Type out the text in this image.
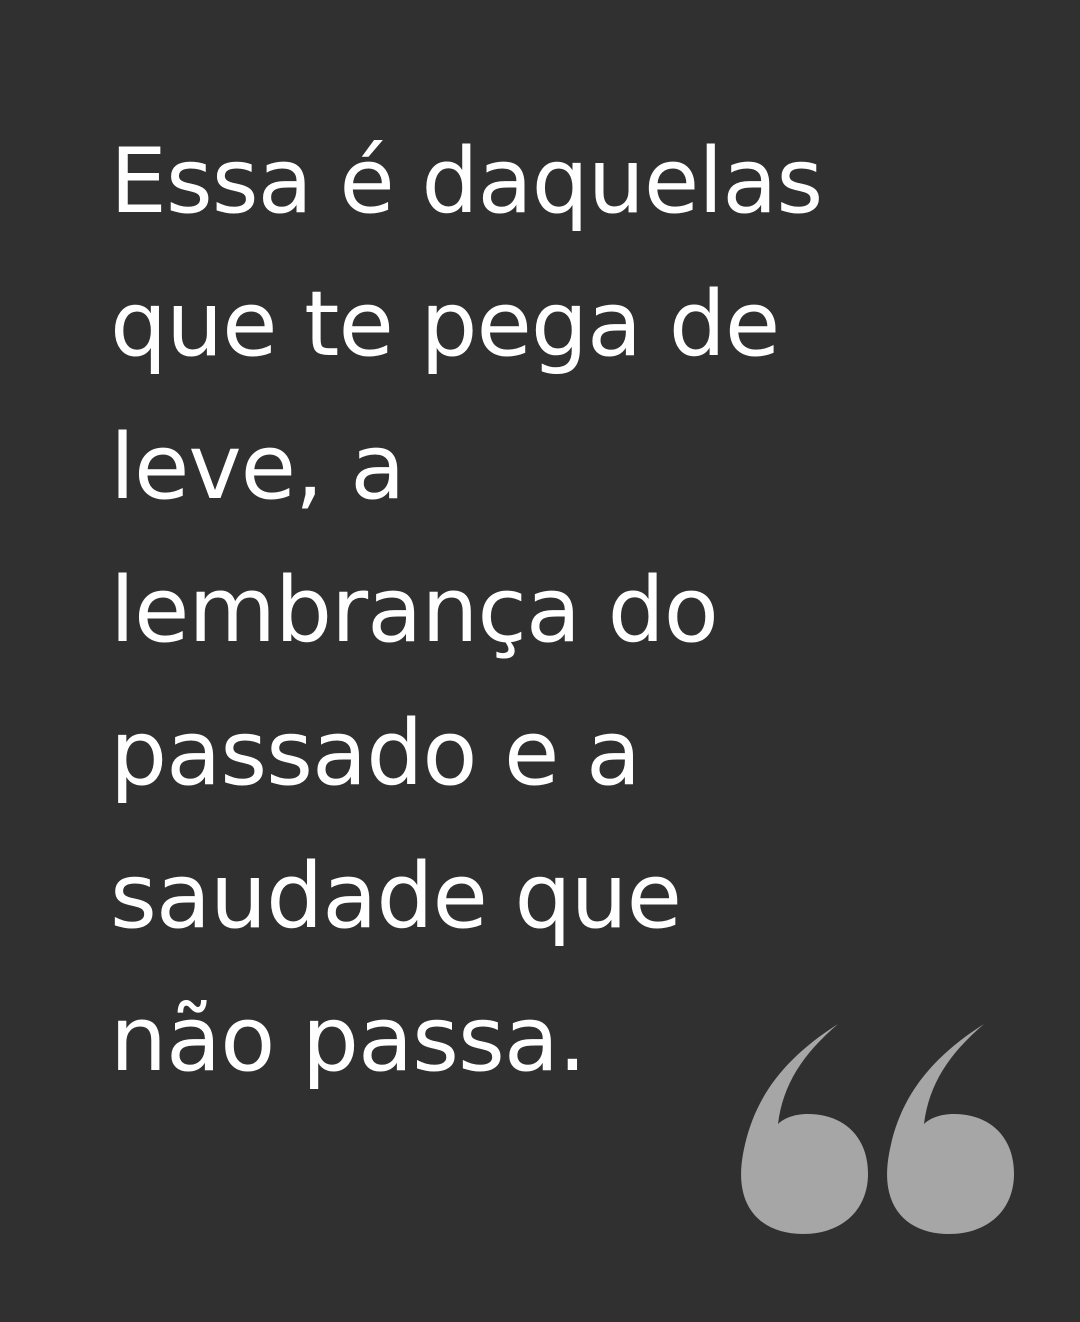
Essa é daquelas
que te pega de
leve, a
lembrança do
passado e a
saudade que
não passa.
